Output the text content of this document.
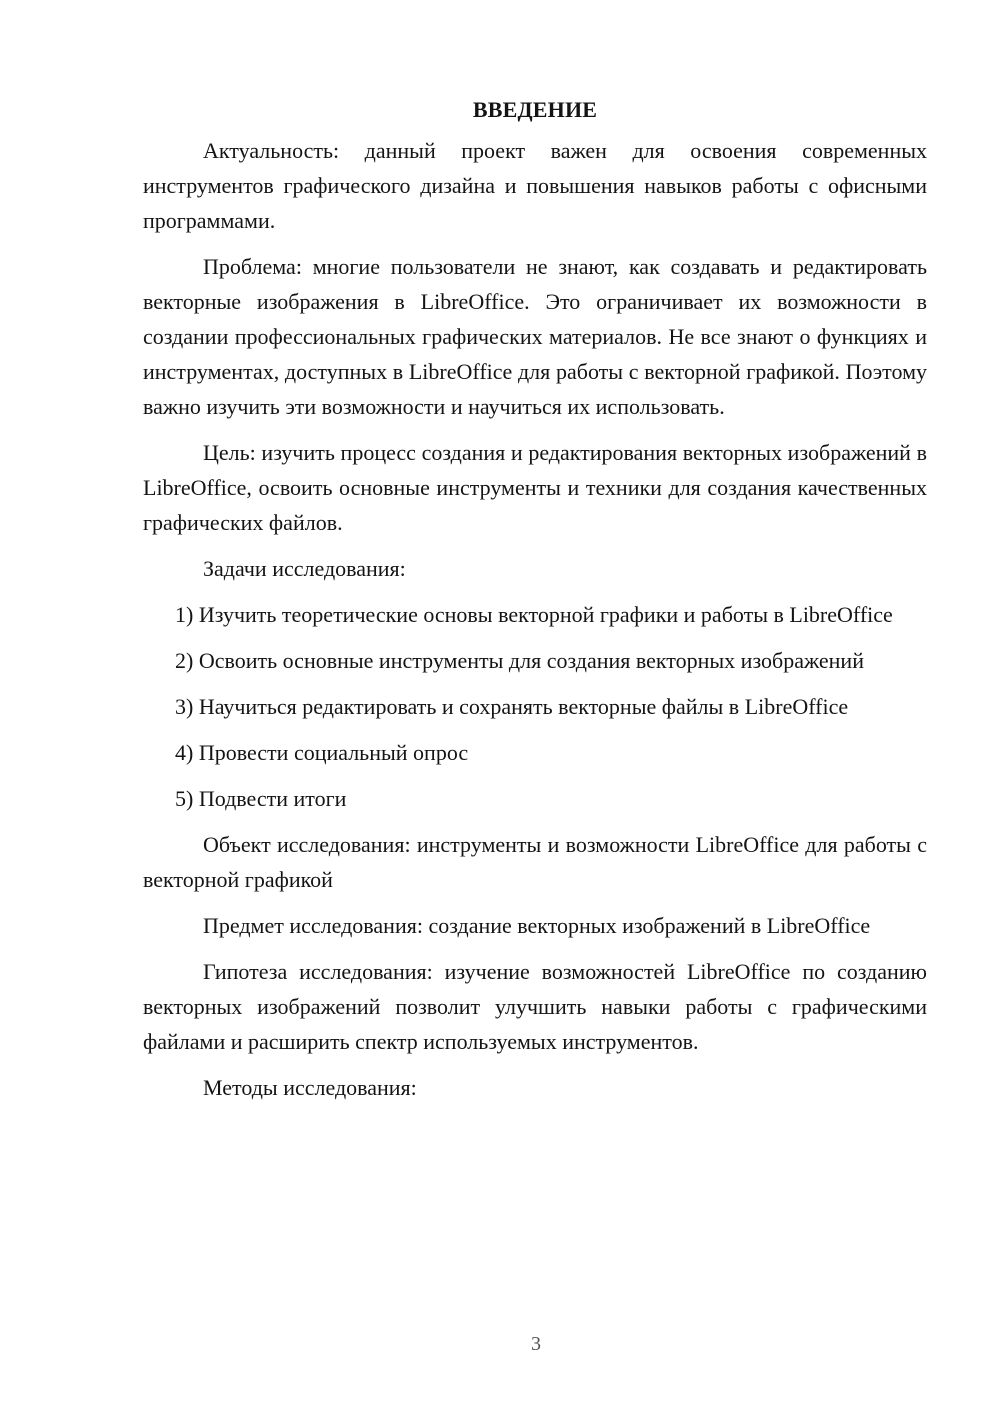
ВВЕДЕНИЕ

Актуальность: данный проект важен для освоения современных инструментов графического дизайна и повышения навыков работы с офисными программами.

Проблема: многие пользователи не знают, как создавать и редактировать векторные изображения в LibreOffice. Это ограничивает их возможности в создании профессиональных графических материалов. Не все знают о функциях и инструментах, доступных в LibreOffice для работы с векторной графикой. Поэтому важно изучить эти возможности и научиться их использовать.

Цель: изучить процесс создания и редактирования векторных изображений в LibreOffice, освоить основные инструменты и техники для создания качественных графических файлов.

Задачи исследования:

1) Изучить теоретические основы векторной графики и работы в LibreOffice

2) Освоить основные инструменты для создания векторных изображений

3) Научиться редактировать и сохранять векторные файлы в LibreOffice

4) Провести социальный опрос

5) Подвести итоги

Объект исследования: инструменты и возможности LibreOffice для работы с векторной графикой

Предмет исследования: создание векторных изображений в LibreOffice

Гипотеза исследования: изучение возможностей LibreOffice по созданию векторных изображений позволит улучшить навыки работы с графическими файлами и расширить спектр используемых инструментов.

Методы исследования:

3
